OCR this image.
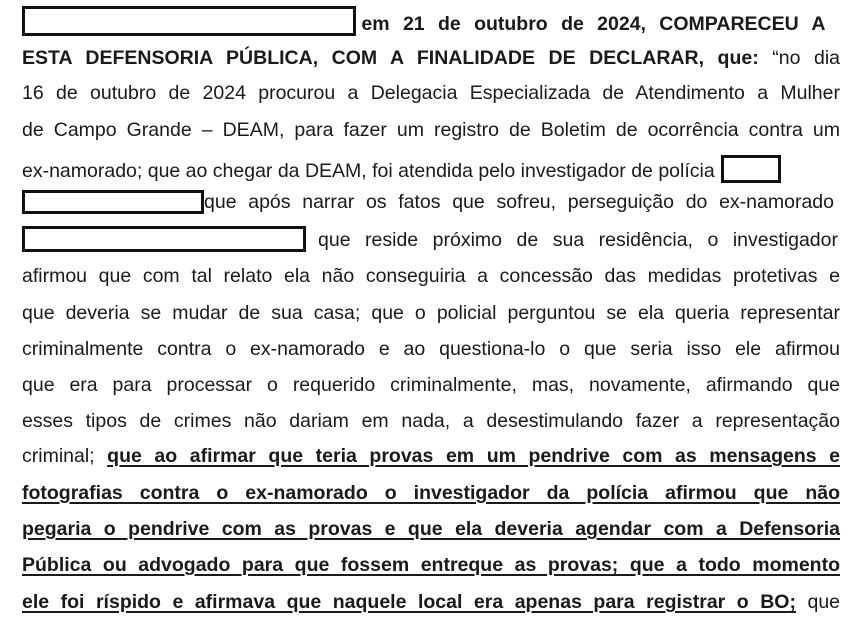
em 21 de outubro de 2024, COMPARECEU A
ESTA DEFENSORIA PÚBLICA, COM A FINALIDADE DE DECLARAR, que: “no dia
16 de outubro de 2024 procurou a Delegacia Especializada de Atendimento a Mulher
de Campo Grande – DEAM, para fazer um registro de Boletim de ocorrência contra um
ex-namorado; que ao chegar da DEAM, foi atendida pelo investigador de polícia
que após narrar os fatos que sofreu, perseguição do ex-namorado
que reside próximo de sua residência, o investigador
afirmou que com tal relato ela não conseguiria a concessão das medidas protetivas e
que deveria se mudar de sua casa; que o policial perguntou se ela queria representar
criminalmente contra o ex-namorado e ao questiona-lo o que seria isso ele afirmou
que era para processar o requerido criminalmente, mas, novamente, afirmando que
esses tipos de crimes não dariam em nada, a desestimulando fazer a representação
criminal; que ao afirmar que teria provas em um pendrive com as mensagens e
fotografias contra o ex-namorado o investigador da polícia afirmou que não
pegaria o pendrive com as provas e que ela deveria agendar com a Defensoria
Pública ou advogado para que fossem entreque as provas; que a todo momento
ele foi ríspido e afirmava que naquele local era apenas para registrar o BO; que
